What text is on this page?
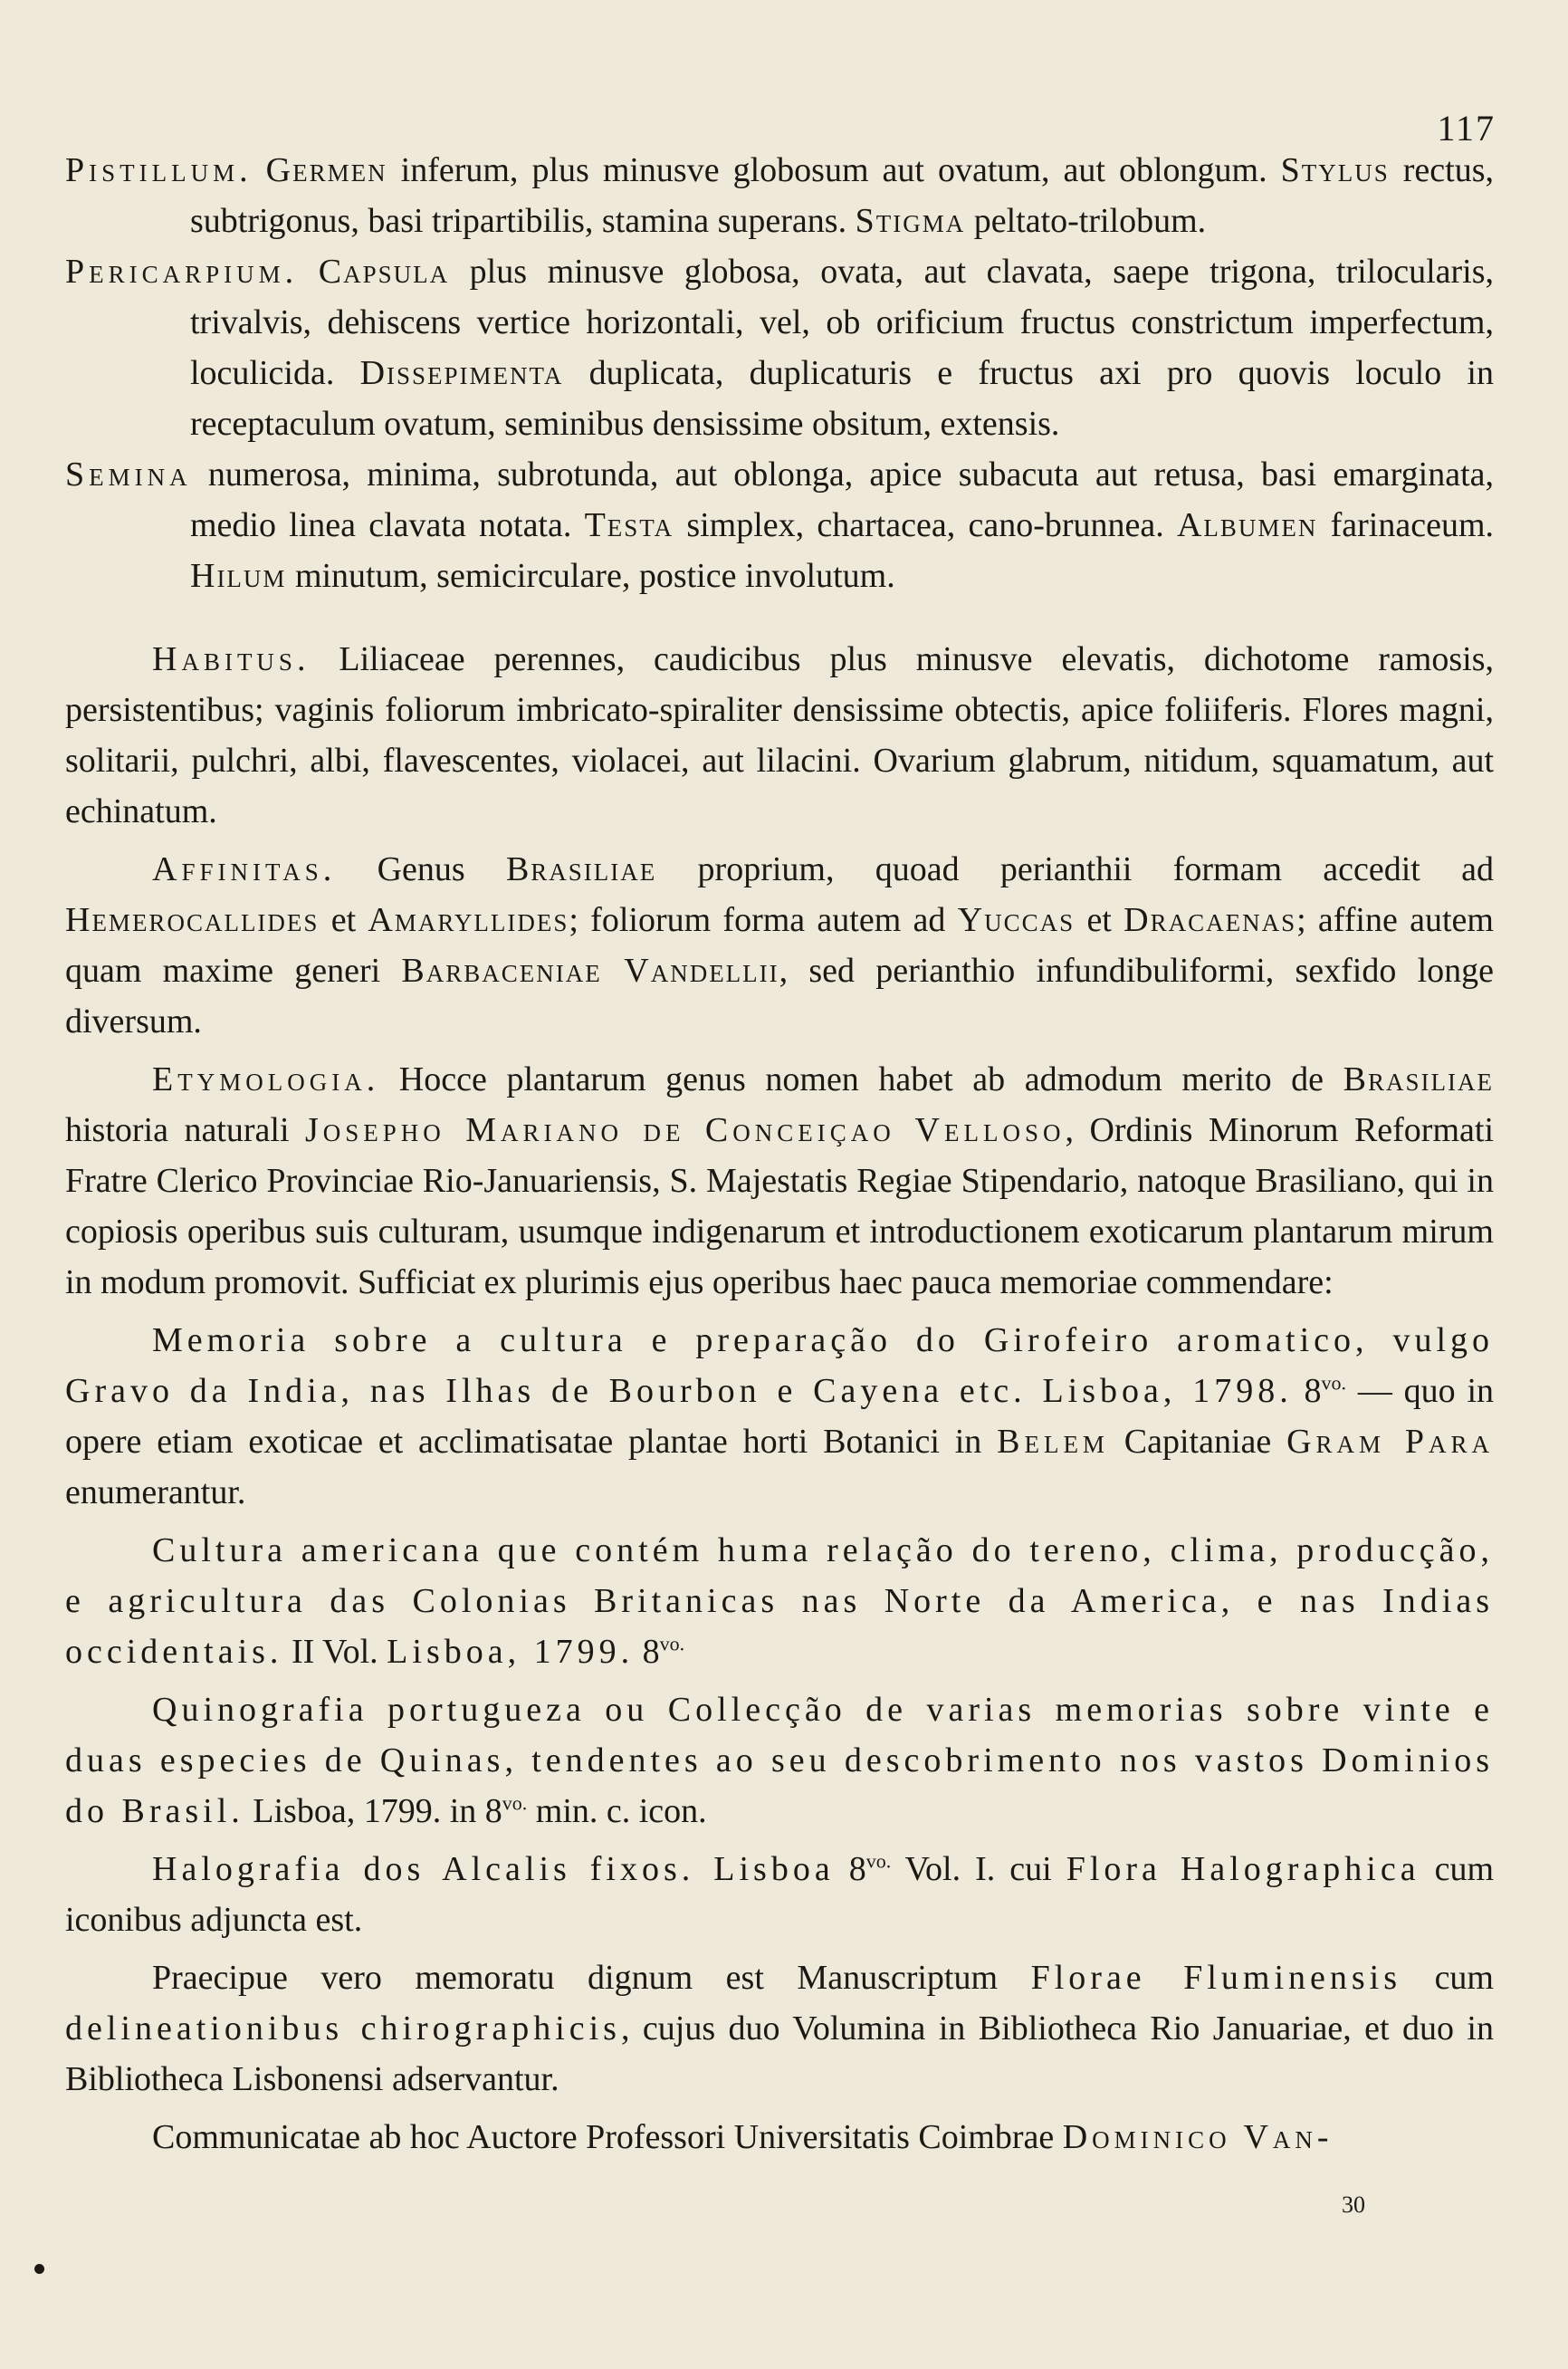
117

Pistillum. Germen inferum, plus minusve globosum aut ovatum, aut oblongum. Stylus rectus, subtrigonus, basi tripartibilis, stamina superans. Stigma peltato-trilobum.

Pericarpium. Capsula plus minusve globosa, ovata, aut clavata, saepe trigona, trilocularis, trivalvis, dehiscens vertice horizontali, vel, ob orificium fructus constrictum imperfectum, loculicida. Dissepimenta duplicata, duplicaturis e fructus axi pro quovis loculo in receptaculum ovatum, seminibus densissime obsitum, extensis.

Semina numerosa, minima, subrotunda, aut oblonga, apice subacuta aut retusa, basi emarginata, medio linea clavata notata. Testa simplex, chartacea, cano-brunnea. Albumen farinaceum. Hilum minutum, semicirculare, postice involutum.

Habitus. Liliaceae perennes, caudicibus plus minusve elevatis, dichotome ramosis, persistentibus; vaginis foliorum imbricato-spiraliter densissime obtectis, apice foliiferis. Flores magni, solitarii, pulchri, albi, flavescentes, violacei, aut lilacini. Ovarium glabrum, nitidum, squamatum, aut echinatum.

Affinitas. Genus Brasiliae proprium, quoad perianthii formam accedit ad Hemerocallides et Amaryllides; foliorum forma autem ad Yuccas et Dracaenas; affine autem quam maxime generi Barbaceniae Vandellii, sed perianthio infundibuliformi, sexfido longe diversum.

Etymologia. Hocce plantarum genus nomen habet ab admodum merito de Brasiliae historia naturali Josepho Mariano de Conceiçao Velloso, Ordinis Minorum Reformati Fratre Clerico Provinciae Rio-Januariensis, S. Majestatis Regiae Stipendario, natoque Brasiliano, qui in copiosis operibus suis culturam, usumque indigenarum et introductionem exoticarum plantarum mirum in modum promovit. Sufficiat ex plurimis ejus operibus haec pauca memoriae commendare:

Memoria sobre a cultura e preparação do Girofeiro aromatico, vulgo Gravo da India, nas Ilhas de Bourbon e Cayena etc. Lisboa, 1798. $8^{vo.}$ — quo in opere etiam exoticae et acclimatisatae plantae horti Botanici in Belem Capitaniae Gram Para enumerantur.

Cultura americana que contém huma relação do tereno, clima, producção, e agricultura das Colonias Britanicas nas Norte da America, e nas Indias occidentais. II Vol. Lisboa, 1799. $8^{vo.}$

Quinografia portugueza ou Collecção de varias memorias sobre vinte e duas especies de Quinas, tendentes ao seu descobrimento nos vastos Dominios do Brasil. Lisboa, 1799. in $8^{vo.}$ min. c. icon.

Halografia dos Alcalis fixos. Lisboa $8^{vo.}$ Vol. I. cui Flora Halographica cum iconibus adjuncta est.

Praecipue vero memoratu dignum est Manuscriptum Florae Fluminensis cum delineationibus chirographicis, cujus duo Volumina in Bibliotheca Rio Januariae, et duo in Bibliotheca Lisbonensi adservantur.

Communicatae ab hoc Auctore Professori Universitatis Coimbrae Dominico Van-

30
